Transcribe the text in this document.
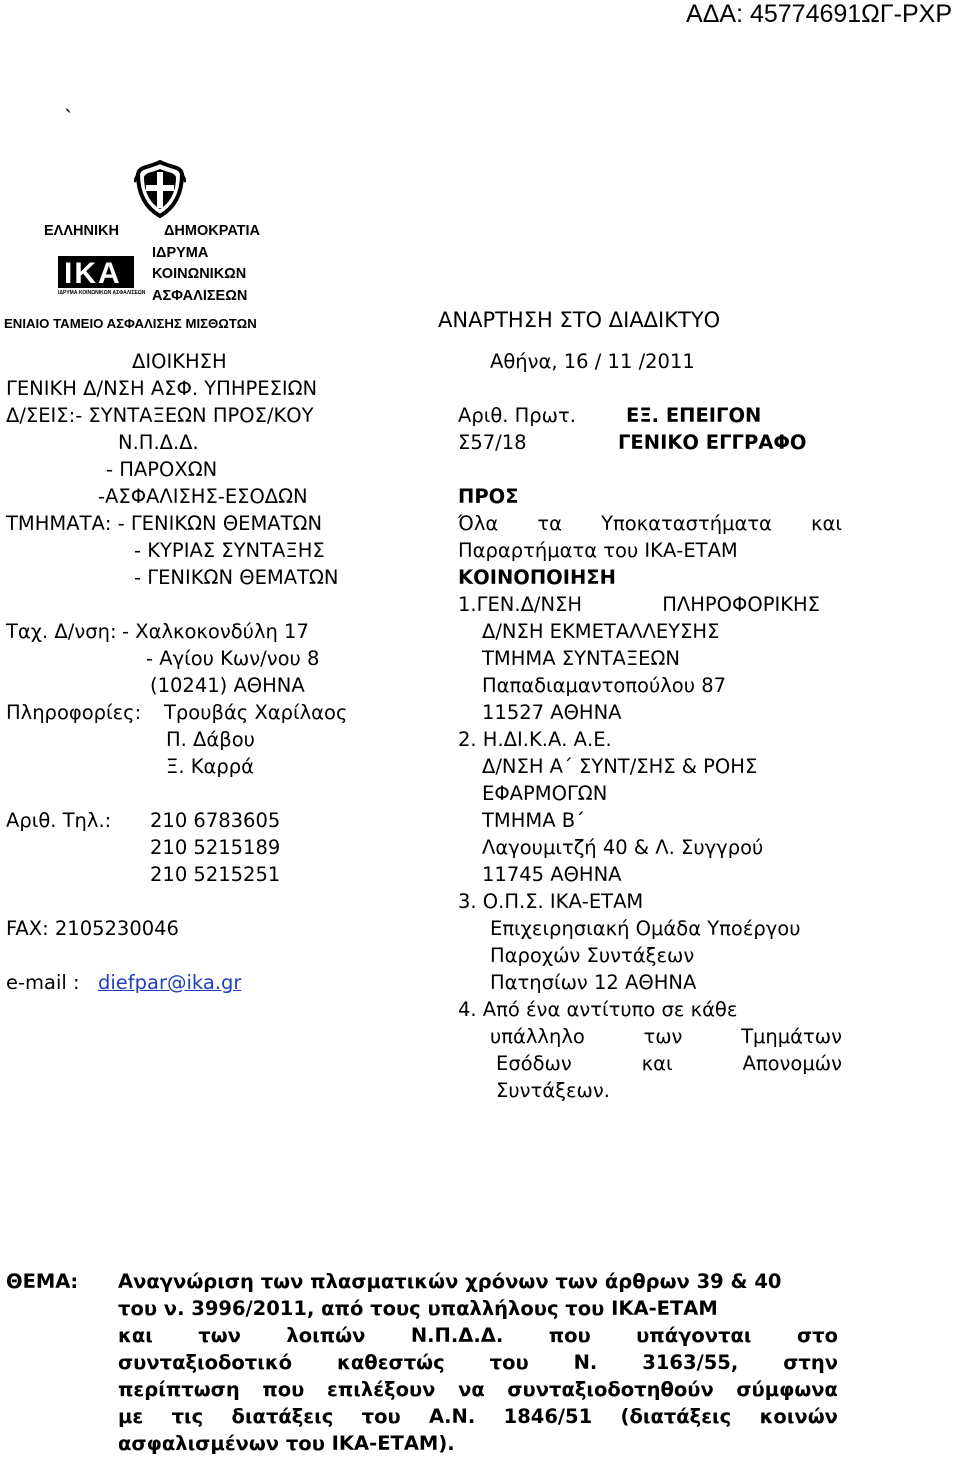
ΑΔΑ: 45774691ΩΓ-ΡΧΡ
`
ΕΛΛΗΝΙΚΗ	ΔΗΜΟΚΡΑΤΙΑ
ΙΚΑ
ΙΔΡΥΜΑ ΚΟΙΝΩΝΙΚΩΝ ΑΣΦΑΛΙΣΕΩΝ
ΙΔΡΥΜΑ
ΚΟΙΝΩΝΙΚΩΝ
ΑΣΦΑΛΙΣΕΩΝ
ΕΝΙΑΙΟ ΤΑΜΕΙΟ ΑΣΦΑΛΙΣΗΣ ΜΙΣΘΩΤΩΝ	ΑΝΑΡΤΗΣΗ ΣΤΟ ΔΙΑΔΙΚΤΥΟ
ΔΙΟΙΚΗΣΗ
ΓΕΝΙΚΗ Δ/ΝΣΗ ΑΣΦ. ΥΠΗΡΕΣΙΩΝ
Δ/ΣΕΙΣ:- ΣΥΝΤΑΞΕΩΝ ΠΡΟΣ/ΚΟΥ
Ν.Π.Δ.Δ.
- ΠΑΡΟΧΩΝ
-ΑΣΦΑΛΙΣΗΣ-ΕΣΟΔΩΝ
ΤΜΗΜΑΤΑ: - ΓΕΝΙΚΩΝ ΘΕΜΑΤΩΝ
- ΚΥΡΙΑΣ ΣΥΝΤΑΞΗΣ
- ΓΕΝΙΚΩΝ ΘΕΜΑΤΩΝ
Ταχ. Δ/νση: - Χαλκοκονδύλη 17
- Αγίου Κων/νου 8
(10241) ΑΘΗΝΑ
Πληροφορίες: Τρουβάς Χαρίλαος
Π. Δάβου
Ξ. Καρρά
Αριθ. Τηλ.: 210 6783605
210 5215189
210 5215251
FAX: 2105230046
e-mail : diefpar@ika.gr
Αθήνα, 16 / 11 /2011
Αριθ. Πρωτ.	ΕΞ. ΕΠΕΙΓΟΝ
Σ57/18	ΓΕΝΙΚΟ ΕΓΓΡΑΦΟ
ΠΡΟΣ
Όλα τα Υποκαταστήματα και
Παραρτήματα του ΙΚΑ-ΕΤΑΜ
ΚΟΙΝΟΠΟΙΗΣΗ
1.ΓΕΝ.Δ/ΝΣΗ	ΠΛΗΡΟΦΟΡΙΚΗΣ
Δ/ΝΣΗ ΕΚΜΕΤΑΛΛΕΥΣΗΣ
ΤΜΗΜΑ ΣΥΝΤΑΞΕΩΝ
Παπαδιαμαντοπούλου 87
11527 ΑΘΗΝΑ
2. Η.ΔΙ.Κ.Α. Α.Ε.
Δ/ΝΣΗ Α΄ ΣΥΝΤ/ΣΗΣ & ΡΟΗΣ
ΕΦΑΡΜΟΓΩΝ
ΤΜΗΜΑ Β΄
Λαγουμιτζή 40 & Λ. Συγγρού
11745 ΑΘΗΝΑ
3. Ο.Π.Σ. ΙΚΑ-ΕΤΑΜ
Επιχειρησιακή Ομάδα Υποέργου
Παροχών Συντάξεων
Πατησίων 12 ΑΘΗΝΑ
4. Από ένα αντίτυπο σε κάθε
υπάλληλο	των	Τμημάτων
Εσόδων	και	Απονομών
Συντάξεων.
ΘΕΜΑ: Αναγνώριση των πλασματικών χρόνων των άρθρων 39 & 40
του ν. 3996/2011, από τους υπαλλήλους του ΙΚΑ-ΕΤΑΜ
και των λοιπών Ν.Π.Δ.Δ. που υπάγονται στο
συνταξιοδοτικό καθεστώς του Ν. 3163/55, στην
περίπτωση που επιλέξουν να συνταξιοδοτηθούν σύμφωνα
με τις διατάξεις του Α.Ν. 1846/51 (διατάξεις κοινών
ασφαλισμένων του ΙΚΑ-ΕΤΑΜ).
